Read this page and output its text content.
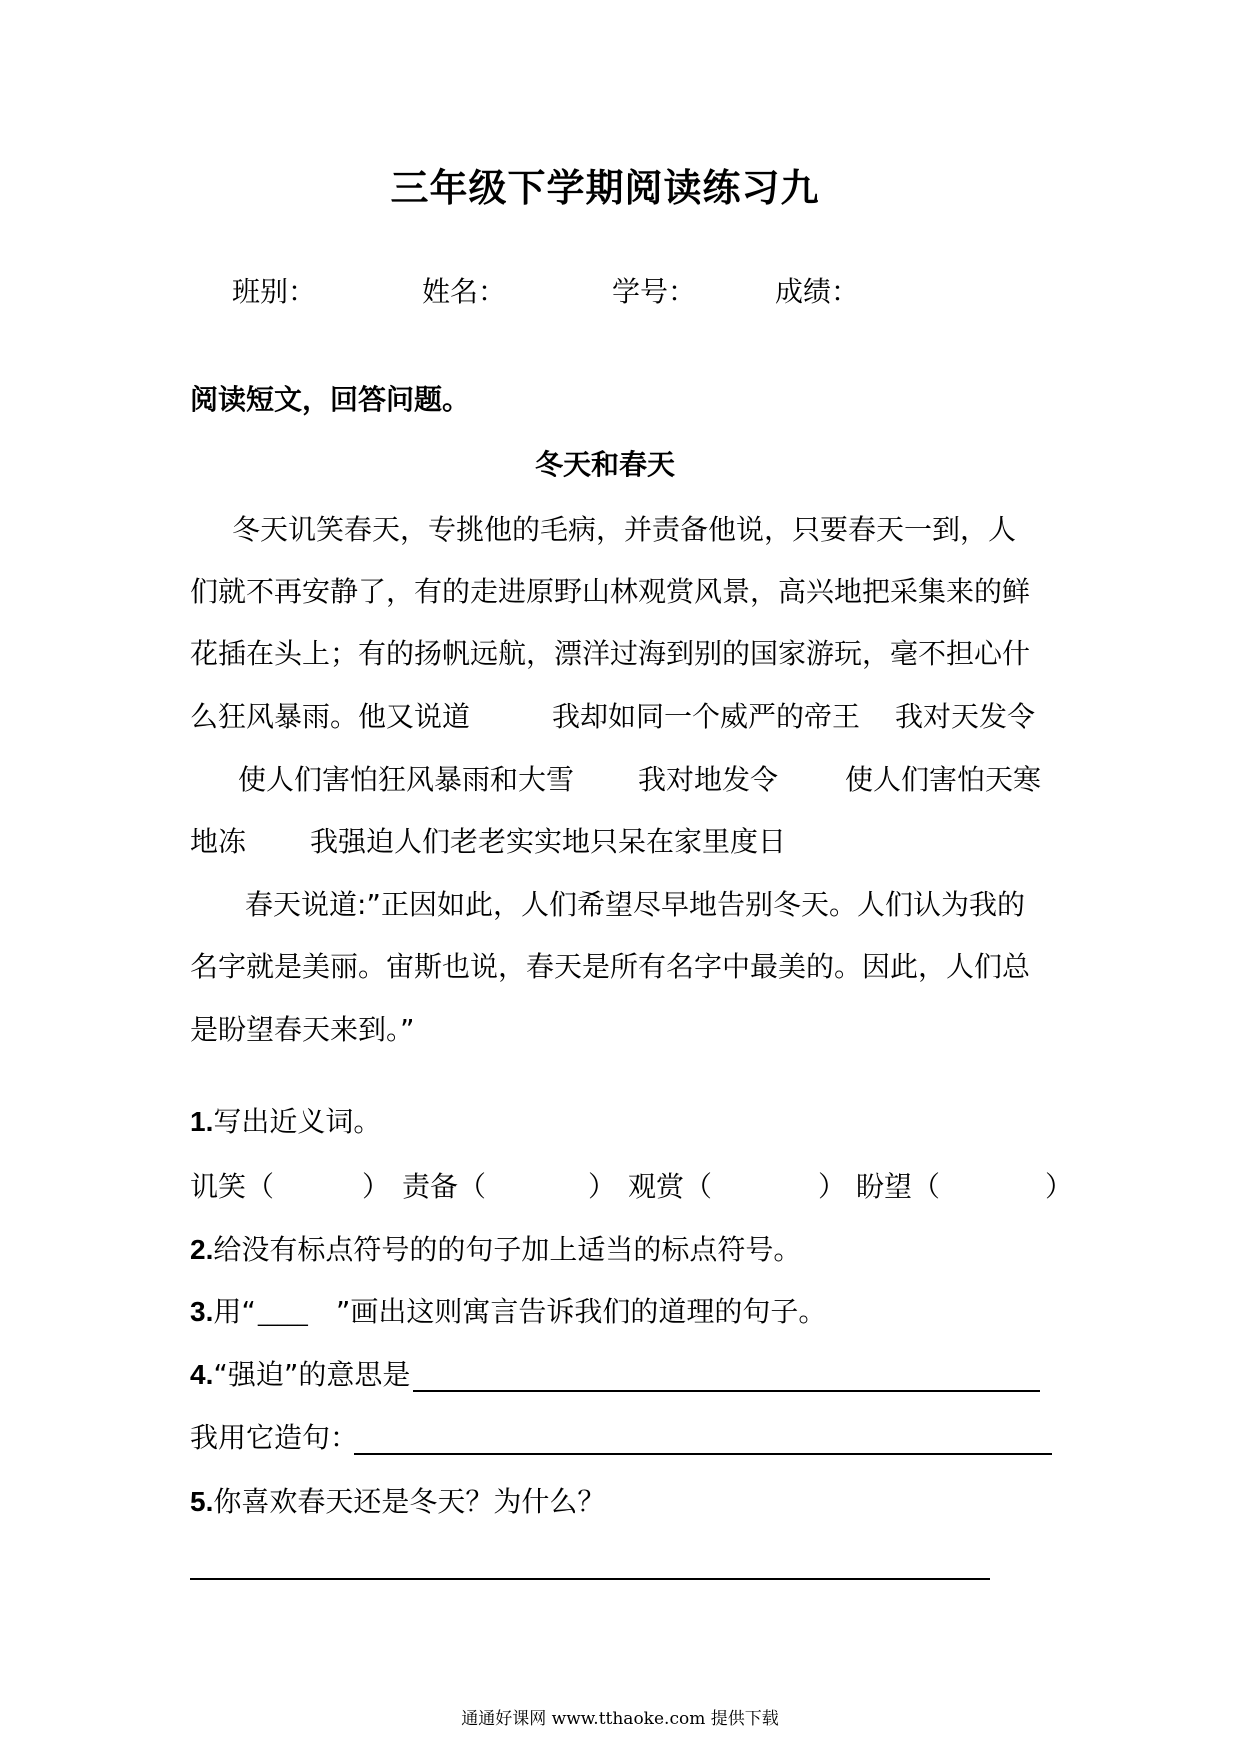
三年级下学期阅读练习九
班别：	姓名：	学号：	成绩：
阅读短文，回答问题。
冬天和春天
冬天讥笑春天，专挑他的毛病，并责备他说，只要春天一到，人
们就不再安静了，有的走进原野山林观赏风景，高兴地把采集来的鲜
花插在头上；有的扬帆远航，漂洋过海到别的国家游玩，毫不担心什
么狂风暴雨。他又说道	我却如同一个威严的帝王 我对天发令
使人们害怕狂风暴雨和大雪 我对地发令 使人们害怕天寒
地冻 我强迫人们老老实实地只呆在家里度日
春天说道:”正因如此，人们希望尽早地告别冬天。人们认为我的
名字就是美丽。宙斯也说，春天是所有名字中最美的。因此，人们总
是盼望春天来到。”
1.写出近义词。
讥笑（	） 责备（	） 观赏（	） 盼望（	）
2.给没有标点符号的的句子加上适当的标点符号。
3.用“ _____ ”画出这则寓言告诉我们的道理的句子。
4.“强迫”的意思是
我用它造句：
5.你喜欢春天还是冬天？为什么？
通通好课网 www.tthaoke.com 提供下载
